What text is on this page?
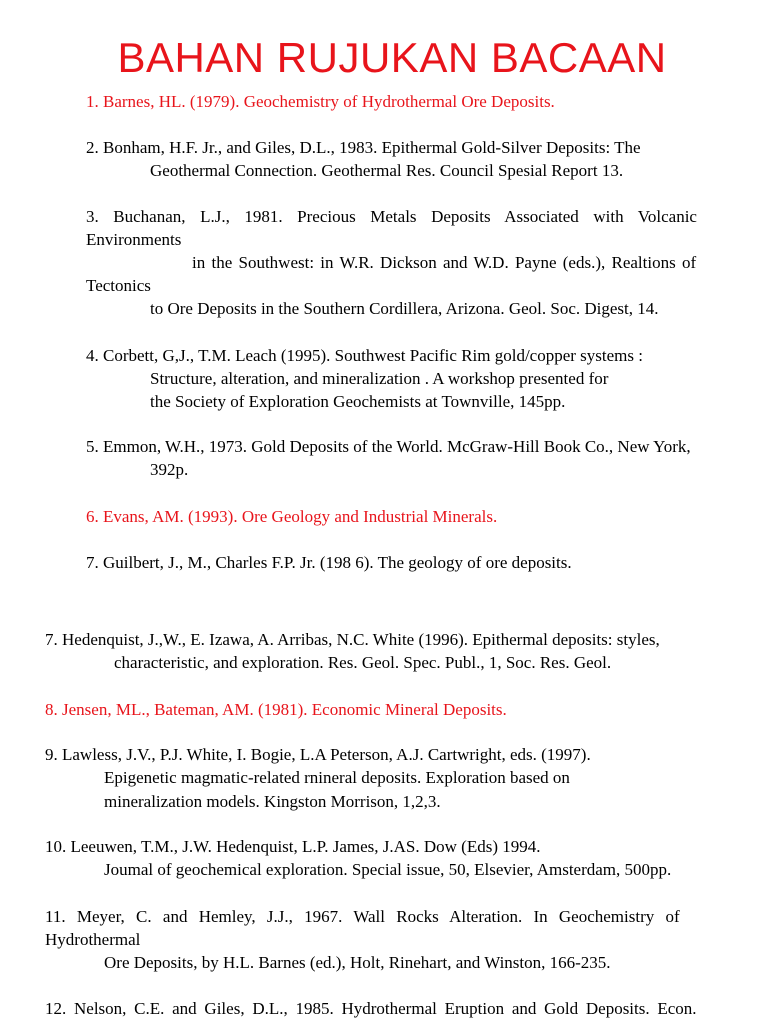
BAHAN RUJUKAN BACAAN
1. Barnes, HL. (1979). Geochemistry of Hydrothermal Ore Deposits.
2. Bonham, H.F. Jr., and Giles, D.L., 1983. Epithermal Gold-Silver Deposits: The
Geothermal Connection. Geothermal Res. Council Spesial Report 13.
3. Buchanan, L.J., 1981. Precious Metals Deposits Associated with Volcanic
Environments
in the Southwest: in W.R. Dickson and W.D. Payne (eds.), Realtions of
Tectonics
to Ore Deposits in the Southern Cordillera, Arizona. Geol. Soc. Digest, 14.
4. Corbett, G,J., T.M. Leach (1995). Southwest Pacific Rim gold/copper systems :
Structure, alteration, and mineralization . A workshop presented for
the Society of Exploration Geochemists at Townville, 145pp.
5. Emmon, W.H., 1973. Gold Deposits of the World. McGraw-Hill Book Co., New York,
392p.
6. Evans, AM. (1993). Ore Geology and Industrial Minerals.
7. Guilbert, J., M., Charles F.P. Jr. (198 6). The geology of ore deposits.
7. Hedenquist, J.,W., E. Izawa, A. Arribas, N.C. White (1996). Epithermal deposits: styles,
characteristic, and exploration. Res. Geol. Spec. Publ., 1, Soc. Res. Geol.
8. Jensen, ML., Bateman, AM. (1981). Economic Mineral Deposits.
9. Lawless, J.V., P.J. White, I. Bogie, L.A Peterson, A.J. Cartwright, eds. (1997).
Epigenetic magmatic-related rnineral deposits. Exploration based on
mineralization models. Kingston Morrison, 1,2,3.
10. Leeuwen, T.M., J.W. Hedenquist, L.P. James, J.AS. Dow (Eds) 1994.
Joumal of geochemical exploration. Special issue, 50, Elsevier, Amsterdam, 500pp.
11. Meyer, C. and Hemley, J.J., 1967. Wall Rocks Alteration. In Geochemistry of
Hydrothermal
Ore Deposits, by H.L. Barnes (ed.), Holt, Rinehart, and Winston, 166-235.
12. Nelson, C.E. and Giles, D.L., 1985. Hydrothermal Eruption and Gold Deposits. Econ.
